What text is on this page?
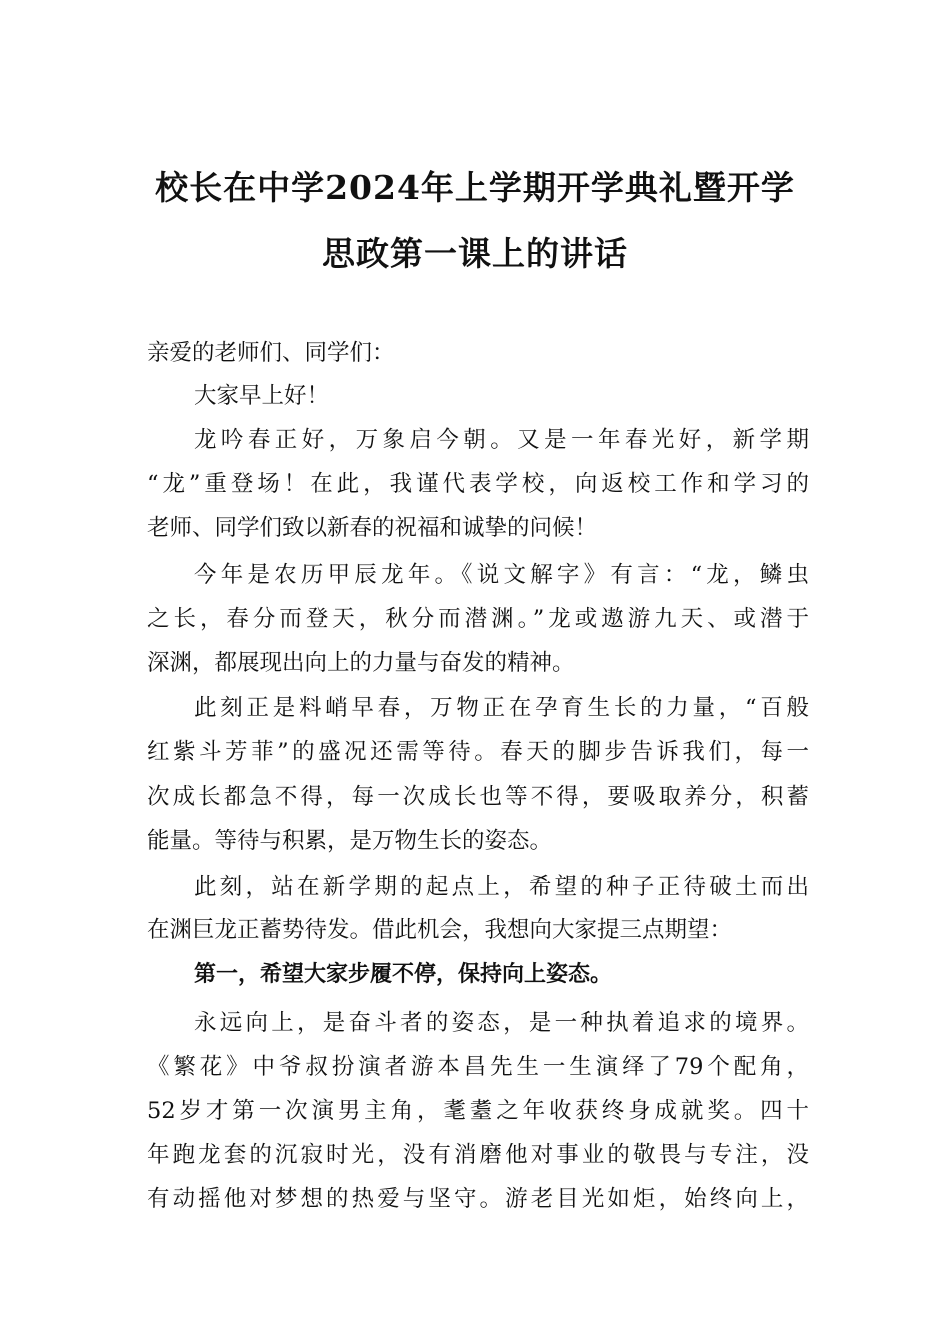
校长在中学2024年上学期开学典礼暨开学
思政第一课上的讲话
亲爱的老师们、同学们：
大家早上好！
龙吟春正好，万象启今朝。又是一年春光好，新学期
“龙”重登场！在此，我谨代表学校，向返校工作和学习的
老师、同学们致以新春的祝福和诚挚的问候！
今年是农历甲辰龙年。《说文解字》有言：“龙，鳞虫
之长，春分而登天，秋分而潜渊。”龙或遨游九天、或潜于
深渊，都展现出向上的力量与奋发的精神。
此刻正是料峭早春，万物正在孕育生长的力量，“百般
红紫斗芳菲”的盛况还需等待。春天的脚步告诉我们，每一
次成长都急不得，每一次成长也等不得，要吸取养分，积蓄
能量。等待与积累，是万物生长的姿态。
此刻，站在新学期的起点上，希望的种子正待破土而出
在渊巨龙正蓄势待发。借此机会，我想向大家提三点期望：
第一，希望大家步履不停，保持向上姿态。
永远向上，是奋斗者的姿态，是一种执着追求的境界。
《繁花》中爷叔扮演者游本昌先生一生演绎了79个配角，
52岁才第一次演男主角，耄耋之年收获终身成就奖。四十
年跑龙套的沉寂时光，没有消磨他对事业的敬畏与专注，没
有动摇他对梦想的热爱与坚守。游老目光如炬，始终向上，
